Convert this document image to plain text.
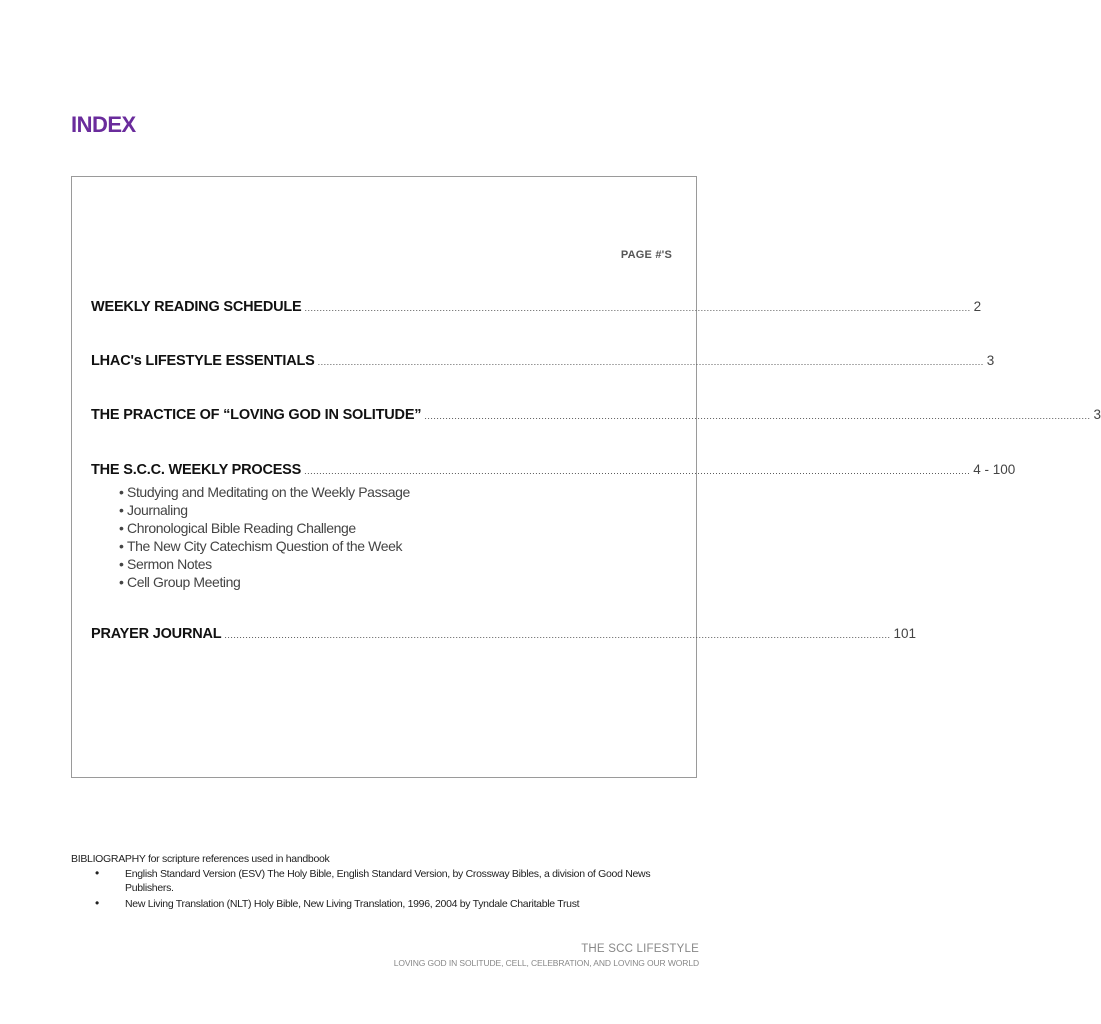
INDEX
PAGE #'S
WEEKLY READING SCHEDULE .............................................................................................................................................................................................................................. 2
LHAC's LIFESTYLE ESSENTIALS .............................................................................................................................................................................................................................. 3
THE PRACTICE OF “LOVING GOD IN SOLITUDE” .............................................................................................................................................................................................................................. 3
THE S.C.C. WEEKLY PROCESS .............................................................................................................................................................................................................................. 4 - 100
• Studying and Meditating on the Weekly Passage
• Journaling
• Chronological Bible Reading Challenge
• The New City Catechism Question of the Week
• Sermon Notes
• Cell Group Meeting
PRAYER JOURNAL .............................................................................................................................................................................................................................. 101
BIBLIOGRAPHY for scripture references used in handbook
• English Standard Version (ESV) The Holy Bible, English Standard Version, by Crossway Bibles, a division of Good News Publishers.
• New Living Translation (NLT) Holy Bible, New Living Translation, 1996, 2004 by Tyndale Charitable Trust
THE SCC LIFESTYLE
LOVING GOD IN SOLITUDE, CELL, CELEBRATION, AND LOVING OUR WORLD
